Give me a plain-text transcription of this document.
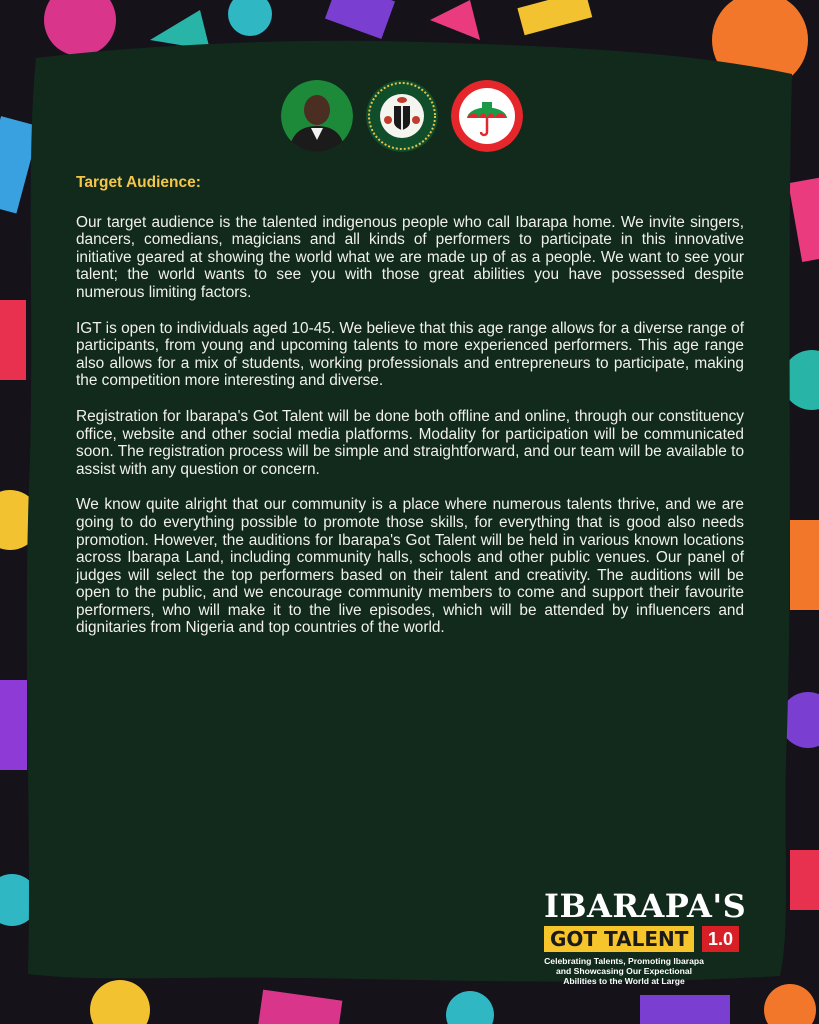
Target Audience:

Our target audience is the talented indigenous people who call Ibarapa home. We invite singers, dancers, comedians, magicians and all kinds of performers to participate in this innovative initiative geared at showing the world what we are made up of as a people. We want to see your talent; the world wants to see you with those great abilities you have possessed despite numerous limiting factors.

IGT is open to individuals aged 10-45. We believe that this age range allows for a diverse range of participants, from young and upcoming talents to more experienced performers. This age range also allows for a mix of students, working professionals and entrepreneurs to participate, making the competition more interesting and diverse.

Registration for Ibarapa's Got Talent will be done both offline and online, through our constituency office, website and other social media platforms. Modality for participation will be communicated soon. The registration process will be simple and straightforward, and our team will be available to assist with any question or concern.

We know quite alright that our community is a place where numerous talents thrive, and we are going to do everything possible to promote those skills, for everything that is good also needs promotion. However, the auditions for Ibarapa's Got Talent will be held in various known locations across Ibarapa Land, including community halls, schools and other public venues. Our panel of judges will select the top performers based on their talent and creativity. The auditions will be open to the public, and we encourage community members to come and support their favourite performers, who will make it to the live episodes, which will be attended by influencers and dignitaries from Nigeria and top countries of the world.

IBARAPA'S
GOT TALENT	1.0
Celebrating Talents, Promoting Ibarapa and Showcasing Our Expectional Abilities to the World at Large
